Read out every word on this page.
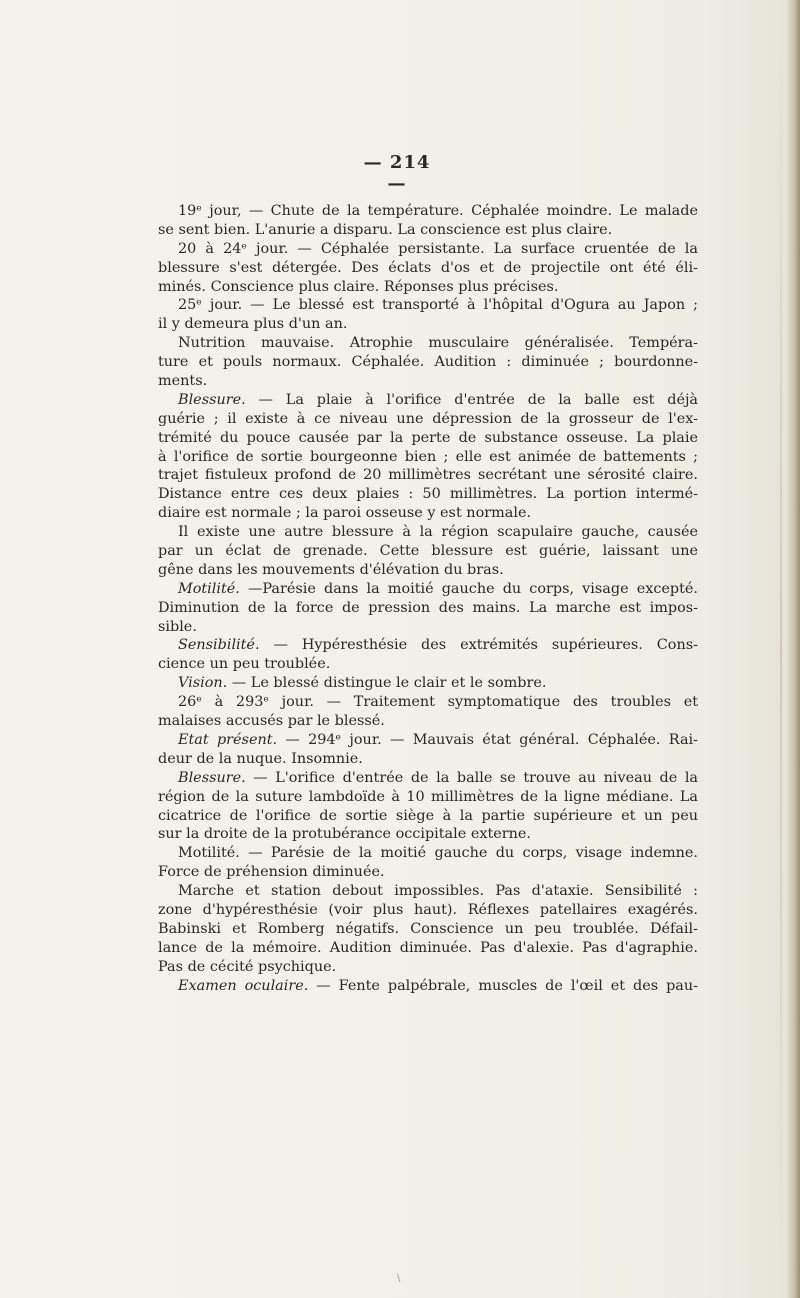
— 214 —
19ᵉ jour, — Chute de la température. Céphalée moindre. Le malade
se sent bien. L'anurie a disparu. La conscience est plus claire.
20 à 24ᵉ jour. — Céphalée persistante. La surface cruentée de la
blessure s'est détergée. Des éclats d'os et de projectile ont été éli-
minés. Conscience plus claire. Réponses plus précises.
25ᵉ jour. — Le blessé est transporté à l'hôpital d'Ogura au Japon ;
il y demeura plus d'un an.
Nutrition mauvaise. Atrophie musculaire généralisée. Tempéra-
ture et pouls normaux. Céphalée. Audition : diminuée ; bourdonne-
ments.
Blessure. — La plaie à l'orifice d'entrée de la balle est déjà
guérie ; il existe à ce niveau une dépression de la grosseur de l'ex-
trémité du pouce causée par la perte de substance osseuse. La plaie
à l'orifice de sortie bourgeonne bien ; elle est animée de battements ;
trajet fistuleux profond de 20 millimètres secrétant une sérosité claire.
Distance entre ces deux plaies : 50 millimètres. La portion intermé-
diaire est normale ; la paroi osseuse y est normale.
Il existe une autre blessure à la région scapulaire gauche, causée
par un éclat de grenade. Cette blessure est guérie, laissant une
gêne dans les mouvements d'élévation du bras.
Motilité. —Parésie dans la moitié gauche du corps, visage excepté.
Diminution de la force de pression des mains. La marche est impos-
sible.
Sensibilité. — Hypéresthésie des extrémités supérieures. Cons-
cience un peu troublée.
Vision. — Le blessé distingue le clair et le sombre.
26ᵉ à 293ᵉ jour. — Traitement symptomatique des troubles et
malaises accusés par le blessé.
Etat présent. — 294ᵉ jour. — Mauvais état général. Céphalée. Rai-
deur de la nuque. Insomnie.
Blessure. — L'orifice d'entrée de la balle se trouve au niveau de la
région de la suture lambdoïde à 10 millimètres de la ligne médiane. La
cicatrice de l'orifice de sortie siège à la partie supérieure et un peu
sur la droite de la protubérance occipitale externe.
Motilité. — Parésie de la moitié gauche du corps, visage indemne.
Force de préhension diminuée.
Marche et station debout impossibles. Pas d'ataxie. Sensibilité :
zone d'hypéresthésie (voir plus haut). Réflexes patellaires exagérés.
Babinski et Romberg négatifs. Conscience un peu troublée. Défail-
lance de la mémoire. Audition diminuée. Pas d'alexie. Pas d'agraphie.
Pas de cécité psychique.
Examen oculaire. — Fente palpébrale, muscles de l'œil et des pau-
\
